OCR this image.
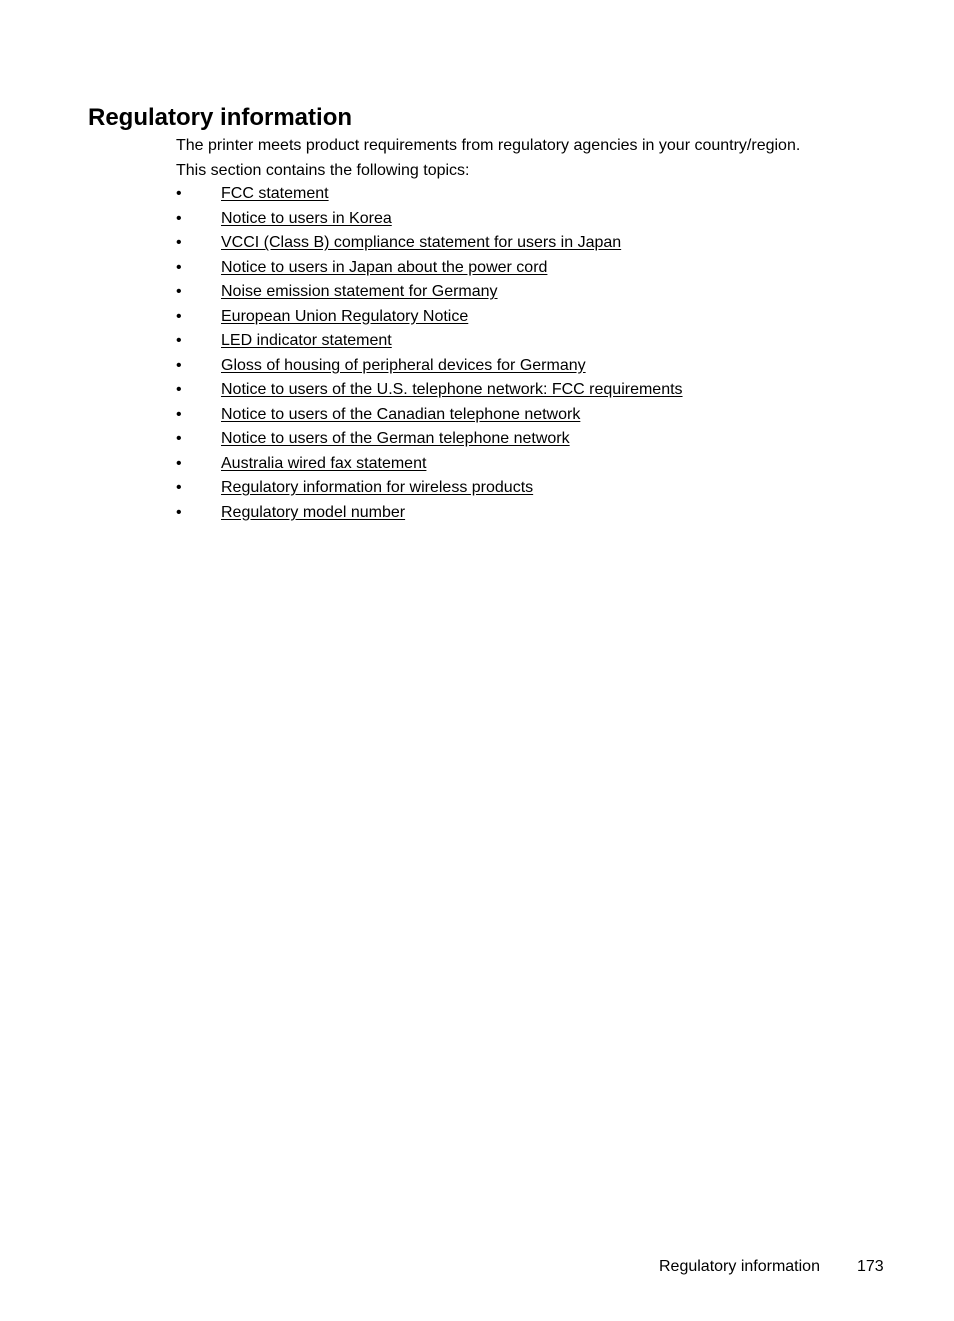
Regulatory information

The printer meets product requirements from regulatory agencies in your country/region.

This section contains the following topics:

• FCC statement
• Notice to users in Korea
• VCCI (Class B) compliance statement for users in Japan
• Notice to users in Japan about the power cord
• Noise emission statement for Germany
• European Union Regulatory Notice
• LED indicator statement
• Gloss of housing of peripheral devices for Germany
• Notice to users of the U.S. telephone network: FCC requirements
• Notice to users of the Canadian telephone network
• Notice to users of the German telephone network
• Australia wired fax statement
• Regulatory information for wireless products
• Regulatory model number
Regulatory information 173
